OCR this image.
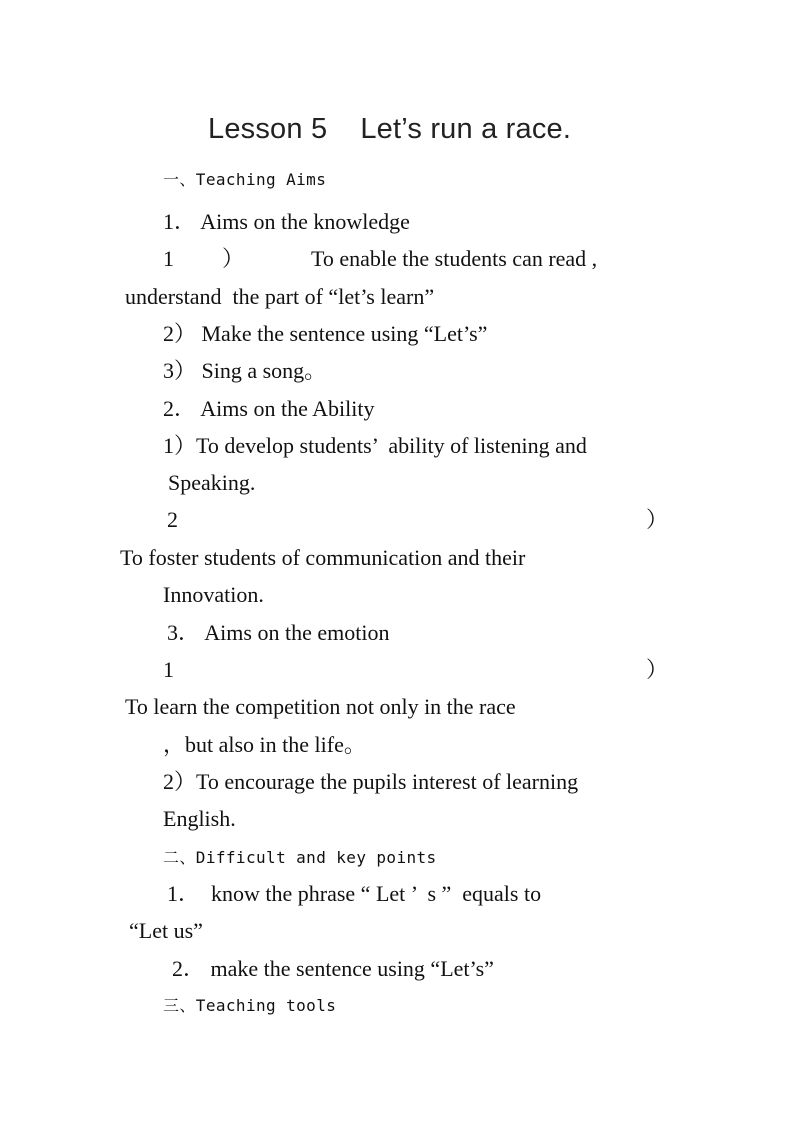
Lesson 5    Let’s run a race.
一、Teaching Aims
1． Aims on the knowledge
1 ）	To enable the students can read ,
understand  the part of “let’s learn”
2） Make the sentence using “Let’s”
3） Sing a song。
2． Aims on the Ability
1）To develop students’  ability of listening and
Speaking.
2	）
To foster students of communication and their
Innovation.
3． Aims on the emotion
1	）
To learn the competition not only in the race
，but also in the life。
2）To encourage the pupils interest of learning
English.
二、Difficult and key points
1．  know the phrase “ Let ’  s ”  equals to
“Let us”
2． make the sentence using “Let’s”
三、Teaching tools
